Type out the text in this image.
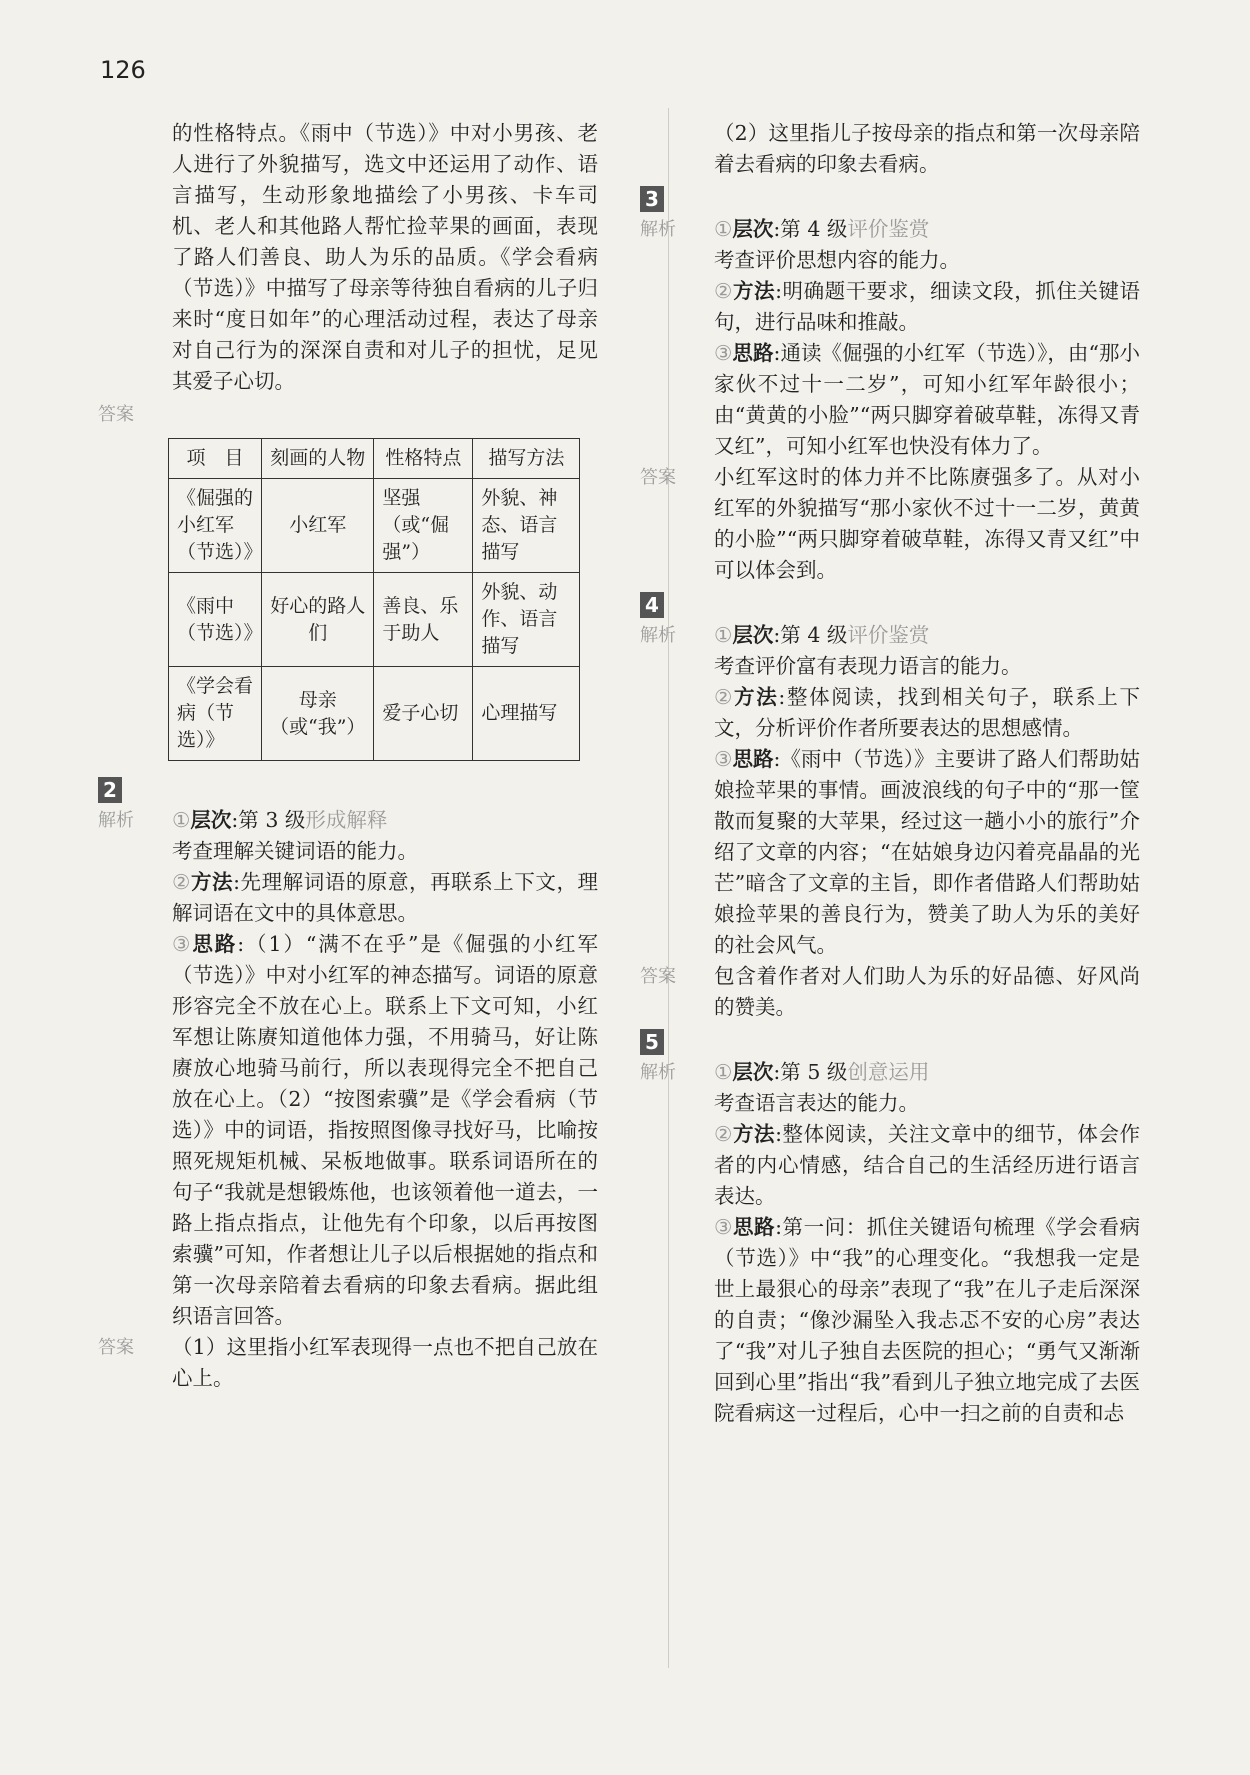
126

的性格特点。《雨中（节选）》中对小男孩、老人进行了外貌描写，选文中还运用了动作、语言描写，生动形象地描绘了小男孩、卡车司机、老人和其他路人帮忙捡苹果的画面，表现了路人们善良、助人为乐的品质。《学会看病（节选）》中描写了母亲等待独自看病的儿子归来时“度日如年”的心理活动过程，表达了母亲对自己行为的深深自责和对儿子的担忧，足见其爱子心切。

答案
项　目	刻画的人物	性格特点	描写方法
《倔强的小红军（节选）》	小红军	坚强（或“倔强”）	外貌、神态、语言描写
《雨中（节选）》	好心的路人们	善良、乐于助人	外貌、动作、语言描写
《学会看病（节选）》	母亲（或“我”）	爱子心切	心理描写
2
解析	①层次:第 3 级形成解释
考查理解关键词语的能力。
②方法:先理解词语的原意，再联系上下文，理解词语在文中的具体意思。
③思路:（1）“满不在乎”是《倔强的小红军（节选）》中对小红军的神态描写。词语的原意形容完全不放在心上。联系上下文可知，小红军想让陈赓知道他体力强，不用骑马，好让陈赓放心地骑马前行，所以表现得完全不把自己放在心上。（2）“按图索骥”是《学会看病（节选）》中的词语，指按照图像寻找好马，比喻按照死规矩机械、呆板地做事。联系词语所在的句子“我就是想锻炼他，也该领着他一道去，一路上指点指点，让他先有个印象，以后再按图索骥”可知，作者想让儿子以后根据她的指点和第一次母亲陪着去看病的印象去看病。据此组织语言回答。
答案	（1）这里指小红军表现得一点也不把自己放在心上。

（2）这里指儿子按母亲的指点和第一次母亲陪着去看病的印象去看病。

3
解析	①层次:第 4 级评价鉴赏
考查评价思想内容的能力。
②方法:明确题干要求，细读文段，抓住关键语句，进行品味和推敲。
③思路:通读《倔强的小红军（节选）》，由“那小家伙不过十一二岁”，可知小红军年龄很小；由“黄黄的小脸”“两只脚穿着破草鞋，冻得又青又红”，可知小红军也快没有体力了。
答案	小红军这时的体力并不比陈赓强多了。从对小红军的外貌描写“那小家伙不过十一二岁，黄黄的小脸”“两只脚穿着破草鞋，冻得又青又红”中可以体会到。

4
解析	①层次:第 4 级评价鉴赏
考查评价富有表现力语言的能力。
②方法:整体阅读，找到相关句子，联系上下文，分析评价作者所要表达的思想感情。
③思路:《雨中（节选）》主要讲了路人们帮助姑娘捡苹果的事情。画波浪线的句子中的“那一筐散而复聚的大苹果，经过这一趟小小的旅行”介绍了文章的内容；“在姑娘身边闪着亮晶晶的光芒”暗含了文章的主旨，即作者借路人们帮助姑娘捡苹果的善良行为，赞美了助人为乐的美好的社会风气。
答案	包含着作者对人们助人为乐的好品德、好风尚的赞美。

5
解析	①层次:第 5 级创意运用
考查语言表达的能力。
②方法:整体阅读，关注文章中的细节，体会作者的内心情感，结合自己的生活经历进行语言表达。
③思路:第一问：抓住关键语句梳理《学会看病（节选）》中“我”的心理变化。“我想我一定是世上最狠心的母亲”表现了“我”在儿子走后深深的自责；“像沙漏坠入我忐忑不安的心房”表达了“我”对儿子独自去医院的担心；“勇气又渐渐回到心里”指出“我”看到儿子独立地完成了去医院看病这一过程后，心中一扫之前的自责和忐
